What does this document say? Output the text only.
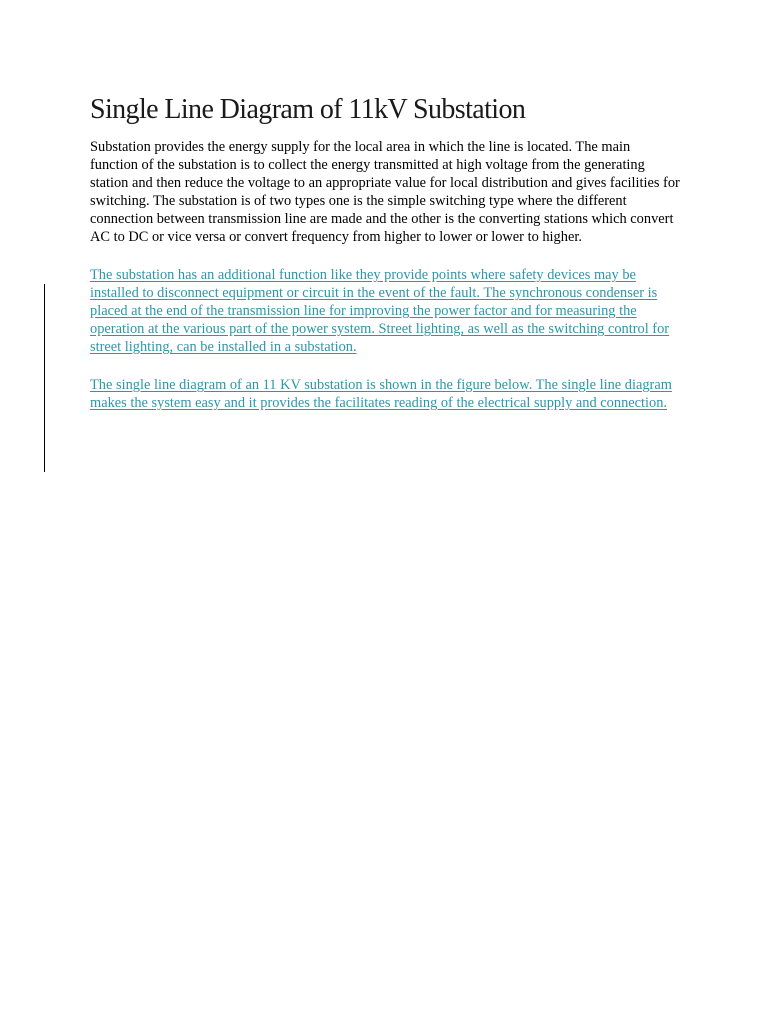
Single Line Diagram of 11kV Substation

Substation provides the energy supply for the local area in which the line is located. The main function of the substation is to collect the energy transmitted at high voltage from the generating station and then reduce the voltage to an appropriate value for local distribution and gives facilities for switching. The substation is of two types one is the simple switching type where the different connection between transmission line are made and the other is the converting stations which convert AC to DC or vice versa or convert frequency from higher to lower or lower to higher.

The substation has an additional function like they provide points where safety devices may be installed to disconnect equipment or circuit in the event of the fault. The synchronous condenser is placed at the end of the transmission line for improving the power factor and for measuring the operation at the various part of the power system. Street lighting, as well as the switching control for street lighting, can be installed in a substation.

The single line diagram of an 11 KV substation is shown in the figure below. The single line diagram makes the system easy and it provides the facilitates reading of the electrical supply and connection.
